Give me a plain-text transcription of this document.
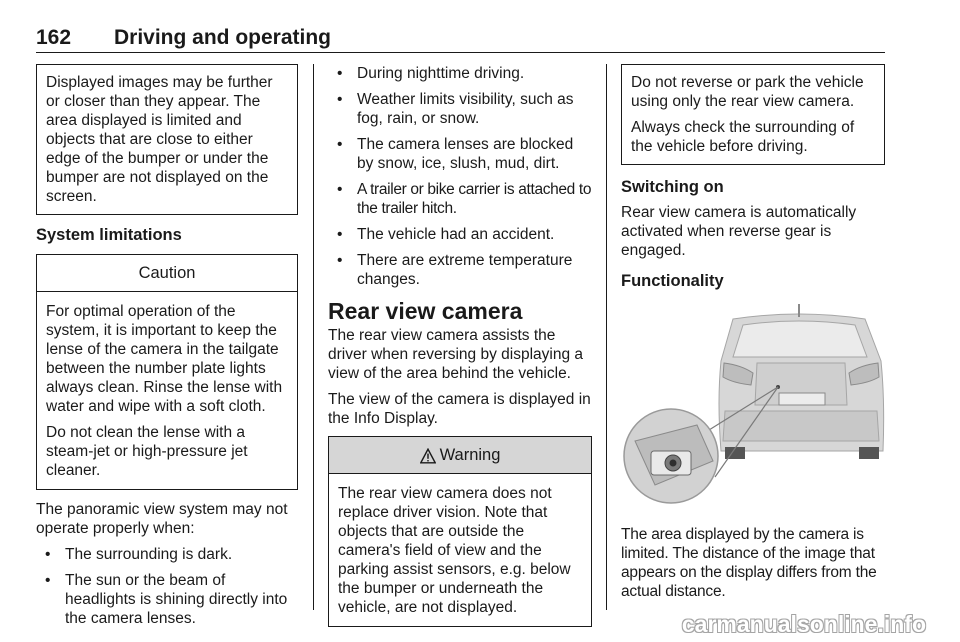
162 Driving and operating

Displayed images may be further or closer than they appear. The area displayed is limited and objects that are close to either edge of the bumper or under the bumper are not displayed on the screen.

System limitations

Caution

For optimal operation of the system, it is important to keep the lense of the camera in the tailgate between the number plate lights always clean. Rinse the lense with water and wipe with a soft cloth.

Do not clean the lense with a steam-jet or high-pressure jet cleaner.

The panoramic view system may not operate properly when:

• The surrounding is dark.
• The sun or the beam of headlights is shining directly into the camera lenses.
• During nighttime driving.
• Weather limits visibility, such as fog, rain, or snow.
• The camera lenses are blocked by snow, ice, slush, mud, dirt.
• A trailer or bike carrier is attached to the trailer hitch.
• The vehicle had an accident.
• There are extreme temperature changes.

Rear view camera

The rear view camera assists the driver when reversing by displaying a view of the area behind the vehicle.

The view of the camera is displayed in the Info Display.

Warning

The rear view camera does not replace driver vision. Note that objects that are outside the camera's field of view and the parking assist sensors, e.g. below the bumper or underneath the vehicle, are not displayed.

Do not reverse or park the vehicle using only the rear view camera.

Always check the surrounding of the vehicle before driving.

Switching on

Rear view camera is automatically activated when reverse gear is engaged.

Functionality

The area displayed by the camera is limited. The distance of the image that appears on the display differs from the actual distance.

carmanualsonline.info
